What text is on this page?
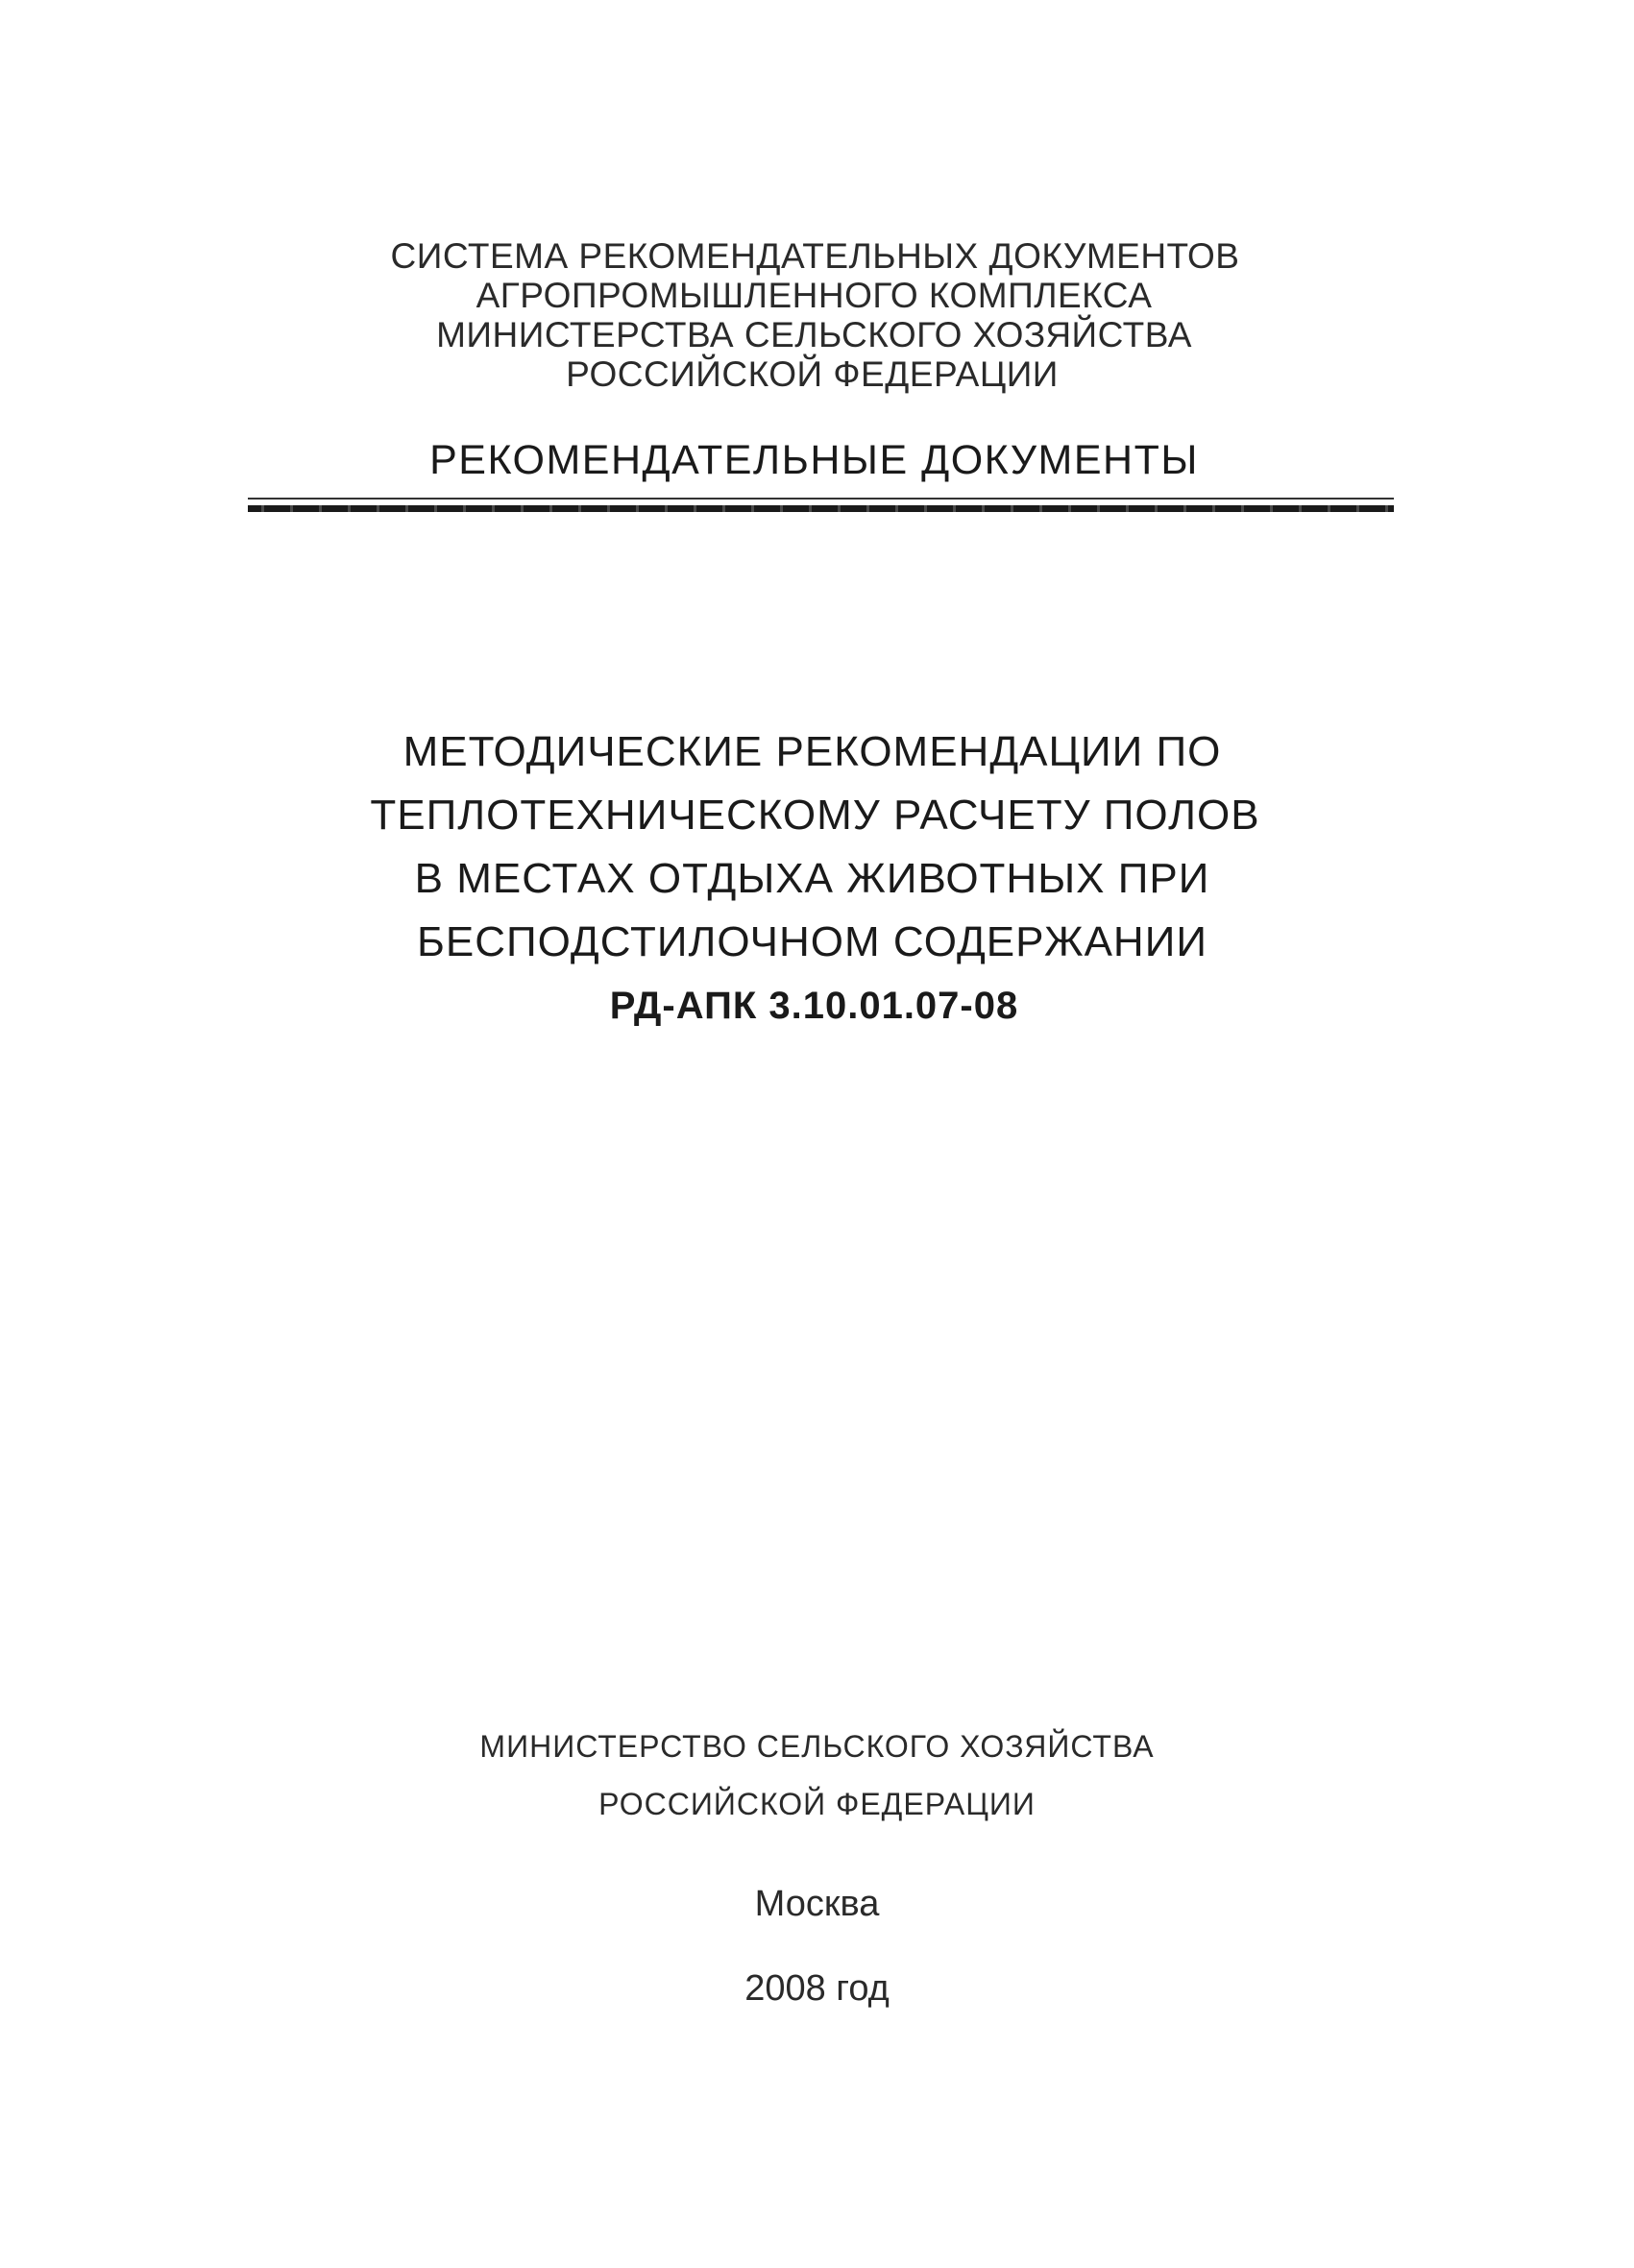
СИСТЕМА РЕКОМЕНДАТЕЛЬНЫХ ДОКУМЕНТОВ
АГРОПРОМЫШЛЕННОГО КОМПЛЕКСА
МИНИСТЕРСТВА СЕЛЬСКОГО ХОЗЯЙСТВА
РОССИЙСКОЙ ФЕДЕРАЦИИ
РЕКОМЕНДАТЕЛЬНЫЕ ДОКУМЕНТЫ
МЕТОДИЧЕСКИЕ РЕКОМЕНДАЦИИ ПО
ТЕПЛОТЕХНИЧЕСКОМУ РАСЧЕТУ ПОЛОВ
В МЕСТАХ ОТДЫХА ЖИВОТНЫХ ПРИ
БЕСПОДСТИЛОЧНОМ СОДЕРЖАНИИ
РД-АПК 3.10.01.07-08
МИНИСТЕРСТВО СЕЛЬСКОГО ХОЗЯЙСТВА
РОССИЙСКОЙ ФЕДЕРАЦИИ
Москва
2008 год
